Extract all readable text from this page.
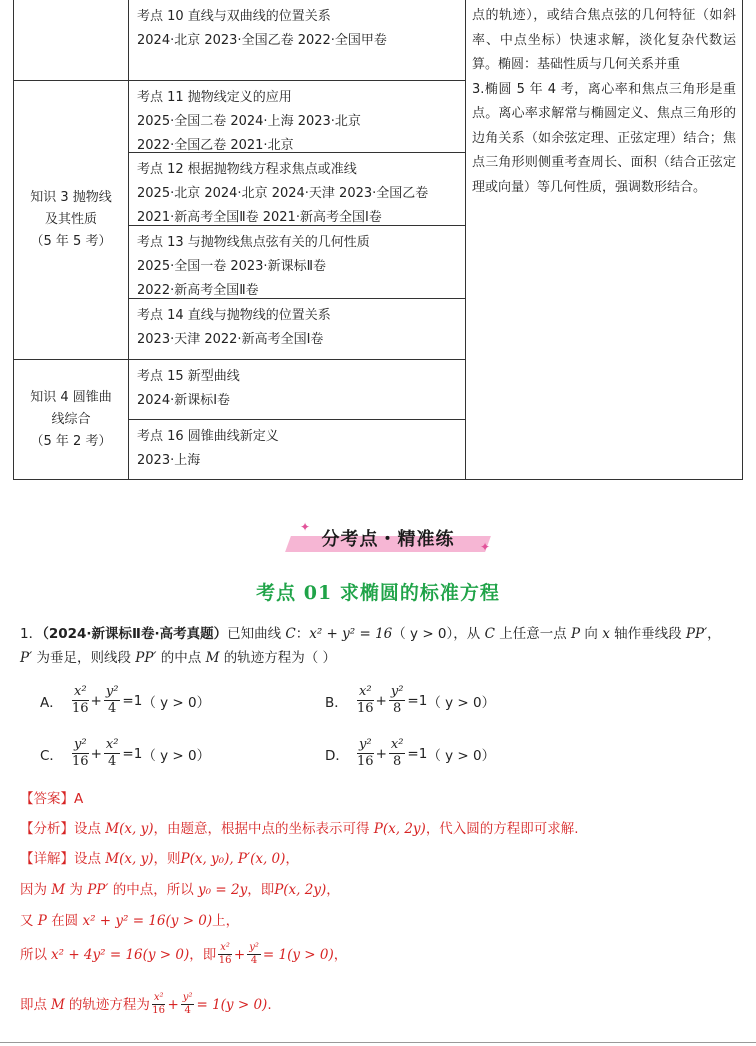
考点 10 直线与双曲线的位置关系
2024·北京 2023·全国乙卷 2022·全国甲卷
知识 3 抛物线
及其性质
（5 年 5 考）
考点 11 抛物线定义的应用
2025·全国二卷 2024·上海 2023·北京
2022·全国乙卷 2021·北京
考点 12 根据抛物线方程求焦点或准线
2025·北京 2024·北京 2024·天津 2023·全国乙卷
2021·新高考全国Ⅱ卷 2021·新高考全国Ⅰ卷
考点 13 与抛物线焦点弦有关的几何性质
2025·全国一卷 2023·新课标Ⅱ卷
2022·新高考全国Ⅱ卷
考点 14 直线与抛物线的位置关系
2023·天津 2022·新高考全国Ⅰ卷
知识 4 圆锥曲
线综合
（5 年 2 考）
考点 15 新型曲线
2024·新课标Ⅰ卷
考点 16 圆锥曲线新定义
2023·上海

点的轨迹），或结合焦点弦的几何特征（如斜率、中点坐标）快速求解，淡化复杂代数运算。椭圆：基础性质与几何关系并重

3.椭圆 5 年 4 考，离心率和焦点三角形是重点。离心率求解常与椭圆定义、焦点三角形的边角关系（如余弦定理、正弦定理）结合；焦点三角形则侧重考查周长、面积（结合正弦定理或向量）等几何性质，强调数形结合。

✦
✦
分考点・精准练
考点 01 求椭圆的标准方程
1．（2024·新课标Ⅱ卷·高考真题）已知曲线 C：x² + y² = 16（ y > 0），从 C 上任意一点 P 向 x 轴作垂线段 PP′，
P′ 为垂足，则线段 PP′ 的中点 M 的轨迹方程为（ ）
A． $\frac{\text{x²}}{16} + \frac{\text{y²}}{4} =1$ （ y > 0）	B． $\frac{\text{x²}}{16} + \frac{\text{y²}}{8} =1$ （ y > 0）
C． $\frac{\text{y²}}{16} + \frac{\text{x²}}{4} =1$ （ y > 0）	D． $\frac{\text{y²}}{16} + \frac{\text{x²}}{8} =1$ （ y > 0）
【答案】A
【分析】设点 M(x, y)，由题意，根据中点的坐标表示可得 P(x, 2y)，代入圆的方程即可求解.
【详解】设点 M(x, y)，则P(x, y₀), P′(x, 0)，
因为 M 为 PP′ 的中点，所以 y₀ = 2y，即P(x, 2y)，
又 P 在圆 x² + y² = 16(y > 0)上，
所以 x² + 4y² = 16(y > 0) ，即 $\frac{\text{x²}}{16} + \frac{\text{y²}}{4} = 1(y > 0)$ ，
即点 M 的轨迹方程为 $\frac{\text{x²}}{16} + \frac{\text{y²}}{4} = 1(y > 0)$ .
